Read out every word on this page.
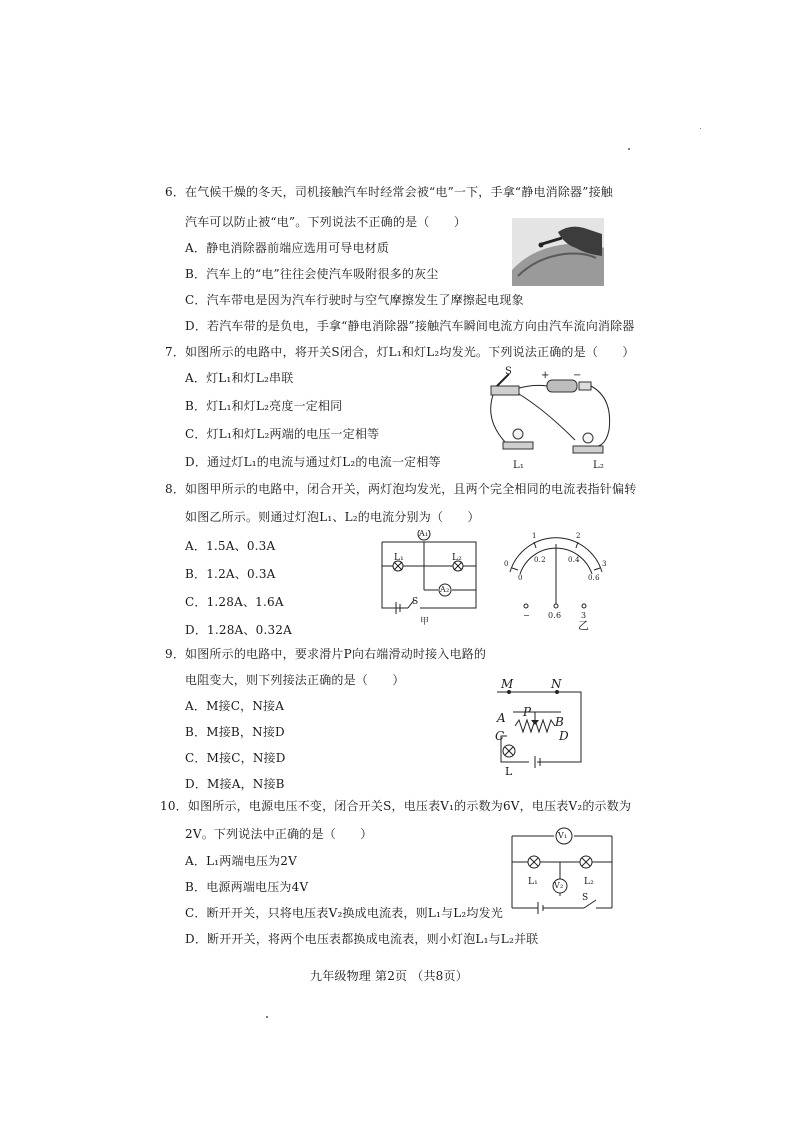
6．在气候干燥的冬天，司机接触汽车时经常会被“电”一下，手拿“静电消除器”接触
汽车可以防止被“电”。下列说法不正确的是（　　）
A．静电消除器前端应选用可导电材质
B．汽车上的“电”往往会使汽车吸附很多的灰尘
C．汽车带电是因为汽车行驶时与空气摩擦发生了摩擦起电现象
D．若汽车带的是负电，手拿“静电消除器”接触汽车瞬间电流方向由汽车流向消除器
7．如图所示的电路中，将开关S闭合，灯L₁和灯L₂均发光。下列说法正确的是（　　）
A．灯L₁和灯L₂串联
B．灯L₁和灯L₂亮度一定相同
C．灯L₁和灯L₂两端的电压一定相等
D．通过灯L₁的电流与通过灯L₂的电流一定相等
S	+ −
L₁	L₂
8．如图甲所示的电路中，闭合开关，两灯泡均发光，且两个完全相同的电流表指针偏转
如图乙所示。则通过灯泡L₁、L₂的电流分别为（　　）
A．1.5A、0.3A
B．1.2A、0.3A
C．1.28A、1.6A
D．1.28A、0.32A
A₁
A₂
L₁	L₂
S
甲
0
1	2
3
0
0.2	0.4
0.6
− 0.6 3
乙
9．如图所示的电路中，要求滑片P向右端滑动时接入电路的
电阻变大，则下列接法正确的是（　　）
A．M接C，N接A
B．M接B，N接D
C．M接C，N接D
D．M接A，N接B
M	N
A P
B
C	D
L
10．如图所示，电源电压不变，闭合开关S，电压表V₁的示数为6V，电压表V₂的示数为
2V。下列说法中正确的是（　　）
A．L₁两端电压为2V
B．电源两端电压为4V
C．断开开关，只将电压表V₂换成电流表，则L₁与L₂均发光
D．断开开关，将两个电压表都换成电流表，则小灯泡L₁与L₂并联
V₁
V₂
L₁	L₂
S
九年级物理 第2页 （共8页）
